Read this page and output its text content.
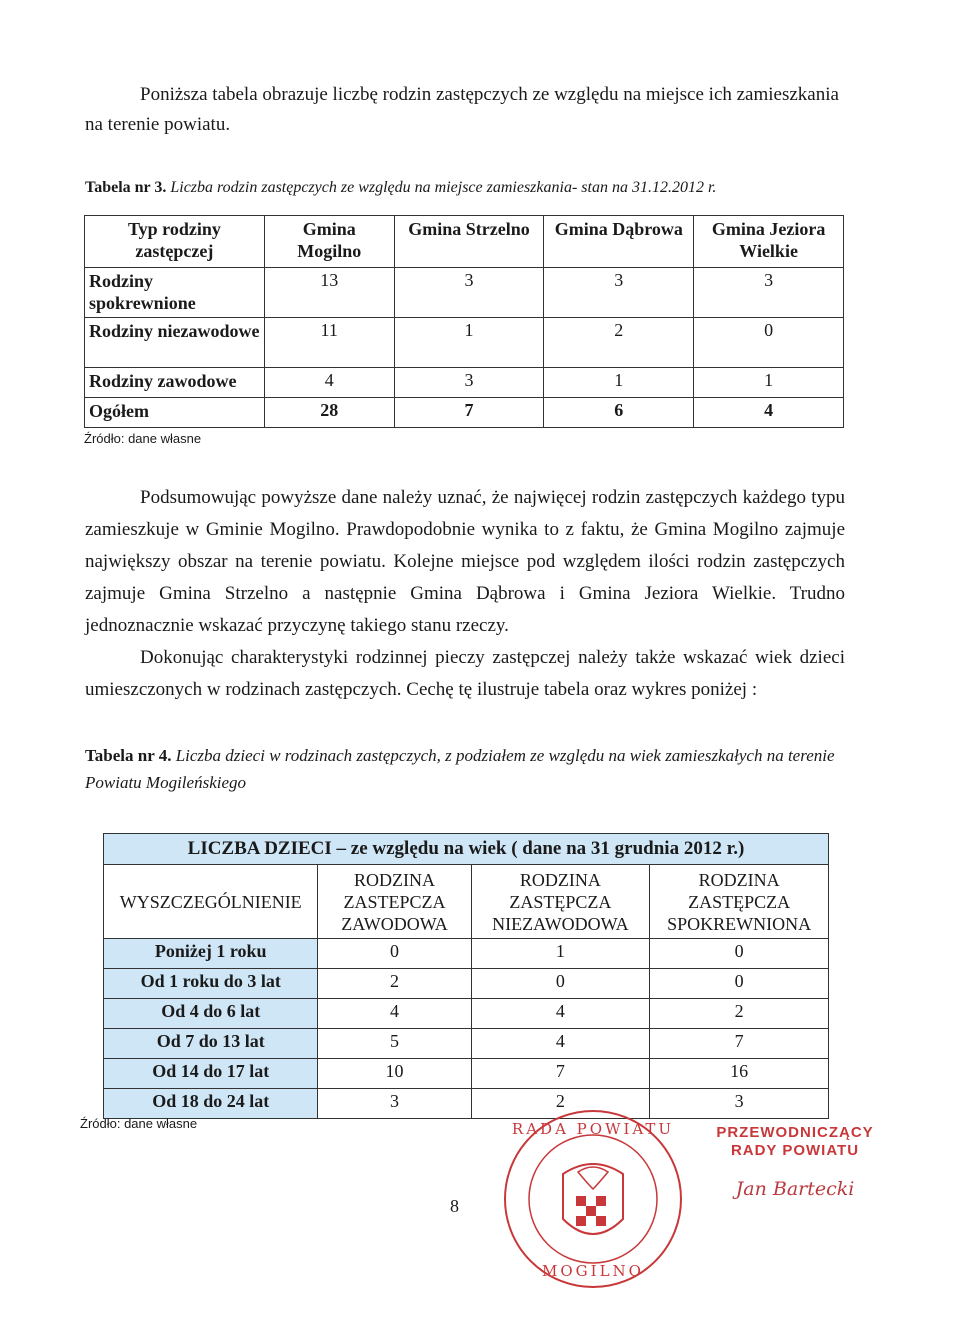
Poniższa tabela obrazuje liczbę rodzin zastępczych ze względu na miejsce ich zamieszkania na terenie powiatu.

Tabela nr 3. Liczba rodzin zastępczych ze względu na miejsce zamieszkania- stan na 31.12.2012 r.

Typ rodziny zastępczej	Gmina Mogilno	Gmina Strzelno	Gmina Dąbrowa	Gmina Jeziora Wielkie
Rodziny spokrewnione	13	3	3	3
Rodziny niezawodowe	11	1	2	0
Rodziny zawodowe	4	3	1	1
Ogółem	28	7	6	4
Źródło: dane własne

Podsumowując powyższe dane należy uznać, że najwięcej rodzin zastępczych każdego typu zamieszkuje w Gminie Mogilno. Prawdopodobnie wynika to z faktu, że Gmina Mogilno zajmuje największy obszar na terenie powiatu. Kolejne miejsce pod względem ilości rodzin zastępczych zajmuje Gmina Strzelno a następnie Gmina Dąbrowa i Gmina Jeziora Wielkie. Trudno jednoznacznie wskazać przyczynę takiego stanu rzeczy.

Dokonując charakterystyki rodzinnej pieczy zastępczej należy także wskazać wiek dzieci umieszczonych w rodzinach zastępczych. Cechę tę ilustruje tabela oraz wykres poniżej :

Tabela nr 4. Liczba dzieci w rodzinach zastępczych, z podziałem ze względu na wiek zamieszkałych na terenie Powiatu Mogileńskiego

LICZBA DZIECI – ze względu na wiek ( dane na 31 grudnia 2012 r.)			
WYSZCZEGÓLNIENIE	RODZINA ZASTEPCZA ZAWODOWA	RODZINA ZASTĘPCZA NIEZAWODOWA	RODZINA ZASTĘPCZA SPOKREWNIONA
Poniżej 1 roku	0	1	0
Od 1 roku do 3 lat	2	0	0
Od 4 do 6 lat	4	4	2
Od 7 do 13 lat	5	4	7
Od 14 do 17 lat	10	7	16
Od 18 do 24 lat	3	2	3
Źródło: dane własne
8
RADA POWIATU
MOGILNO
PRZEWODNICZĄCY
RADY POWIATU
Jan Bartecki
